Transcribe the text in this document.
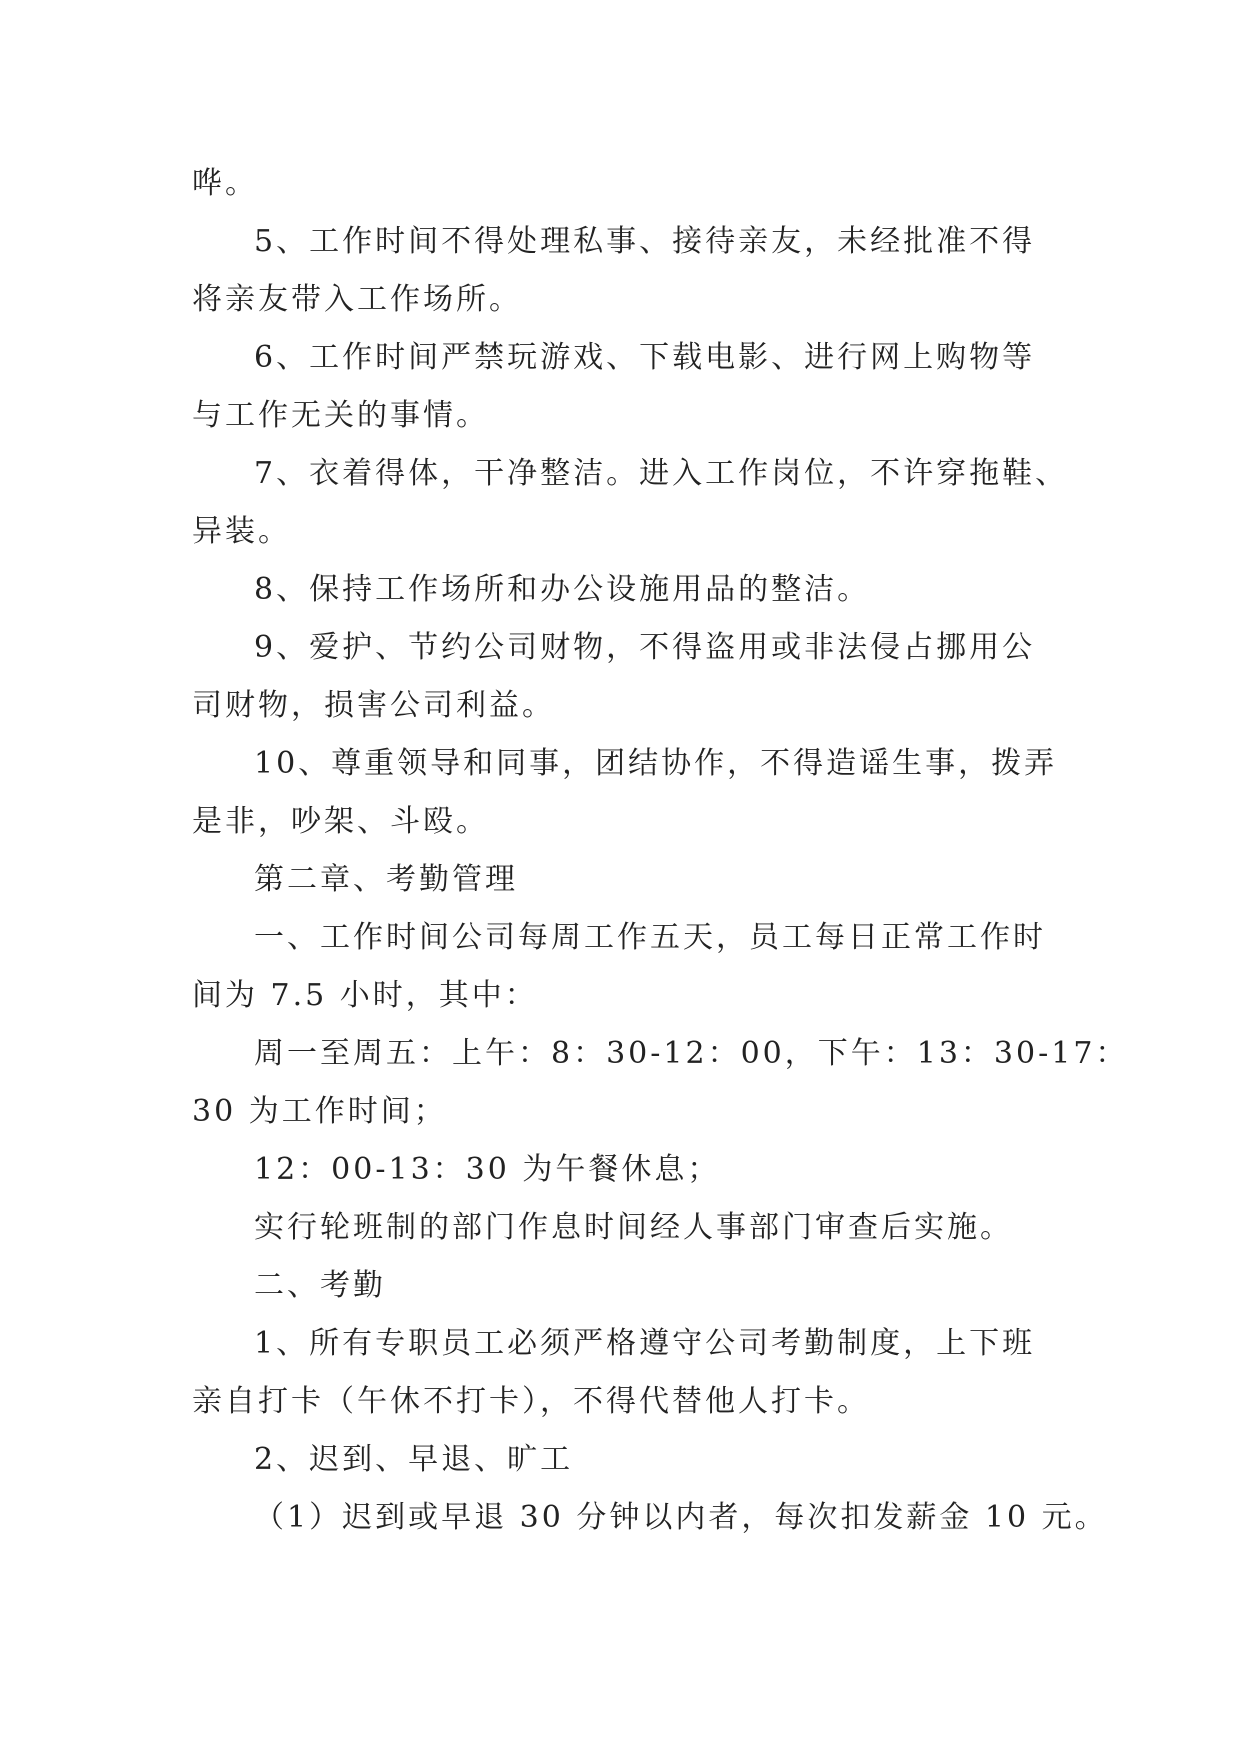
哗。
5、工作时间不得处理私事、接待亲友，未经批准不得
将亲友带入工作场所。
6、工作时间严禁玩游戏、下载电影、进行网上购物等
与工作无关的事情。
7、衣着得体，干净整洁。进入工作岗位，不许穿拖鞋、
异装。
8、保持工作场所和办公设施用品的整洁。
9、爱护、节约公司财物，不得盗用或非法侵占挪用公
司财物，损害公司利益。
10、尊重领导和同事，团结协作，不得造谣生事，拨弄
是非，吵架、斗殴。
第二章、考勤管理
一、工作时间公司每周工作五天，员工每日正常工作时
间为 7.5 小时，其中：
周一至周五：上午：8：30-12：00，下午：13：30-17：
30 为工作时间；
12：00-13：30 为午餐休息；
实行轮班制的部门作息时间经人事部门审查后实施。
二、考勤
1、所有专职员工必须严格遵守公司考勤制度，上下班
亲自打卡（午休不打卡），不得代替他人打卡。
2、迟到、早退、旷工
（1）迟到或早退 30 分钟以内者，每次扣发薪金 10 元。
